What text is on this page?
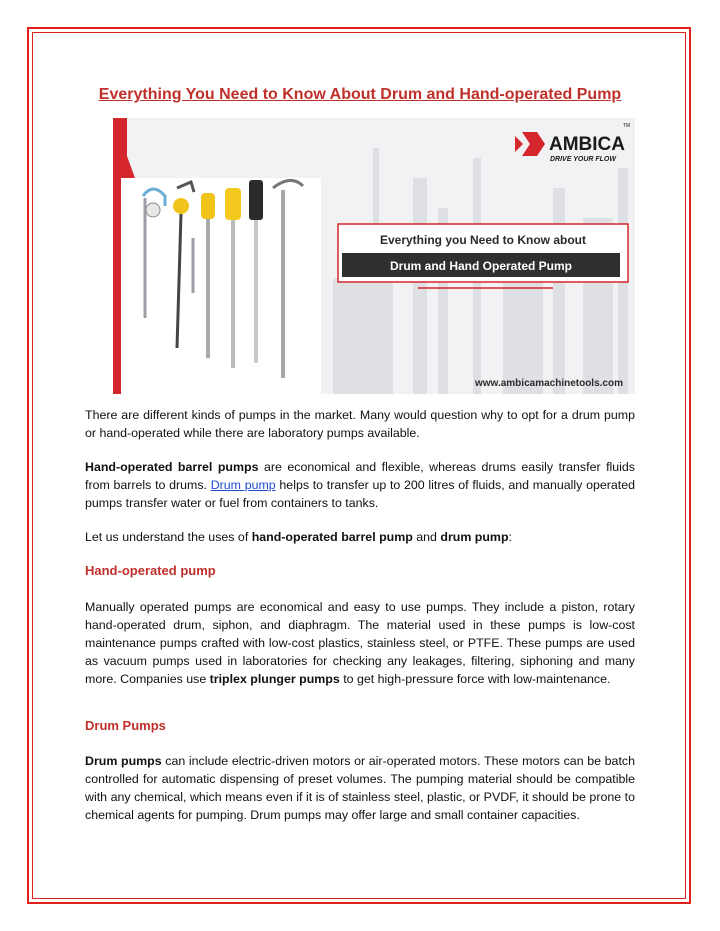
Everything You Need to Know About Drum and Hand-operated Pump
AMBICA
TM
DRIVE YOUR FLOW
Everything you Need to Know about
Drum and Hand Operated Pump
www.ambicamachinetools.com
There are different kinds of pumps in the market. Many would question why to opt for a drum pump or hand-operated while there are laboratory pumps available.
Hand-operated barrel pumps are economical and flexible, whereas drums easily transfer fluids from barrels to drums. Drum pump helps to transfer up to 200 litres of fluids, and manually operated pumps transfer water or fuel from containers to tanks.
Let us understand the uses of hand-operated barrel pump and drum pump:
Hand-operated pump
Manually operated pumps are economical and easy to use pumps. They include a piston, rotary hand-operated drum, siphon, and diaphragm. The material used in these pumps is low-cost maintenance pumps crafted with low-cost plastics, stainless steel, or PTFE. These pumps are used as vacuum pumps used in laboratories for checking any leakages, filtering, siphoning and many more. Companies use triplex plunger pumps to get high-pressure force with low-maintenance.
Drum Pumps
Drum pumps can include electric-driven motors or air-operated motors. These motors can be batch controlled for automatic dispensing of preset volumes. The pumping material should be compatible with any chemical, which means even if it is of stainless steel, plastic, or PVDF, it should be prone to chemical agents for pumping. Drum pumps may offer large and small container capacities.
